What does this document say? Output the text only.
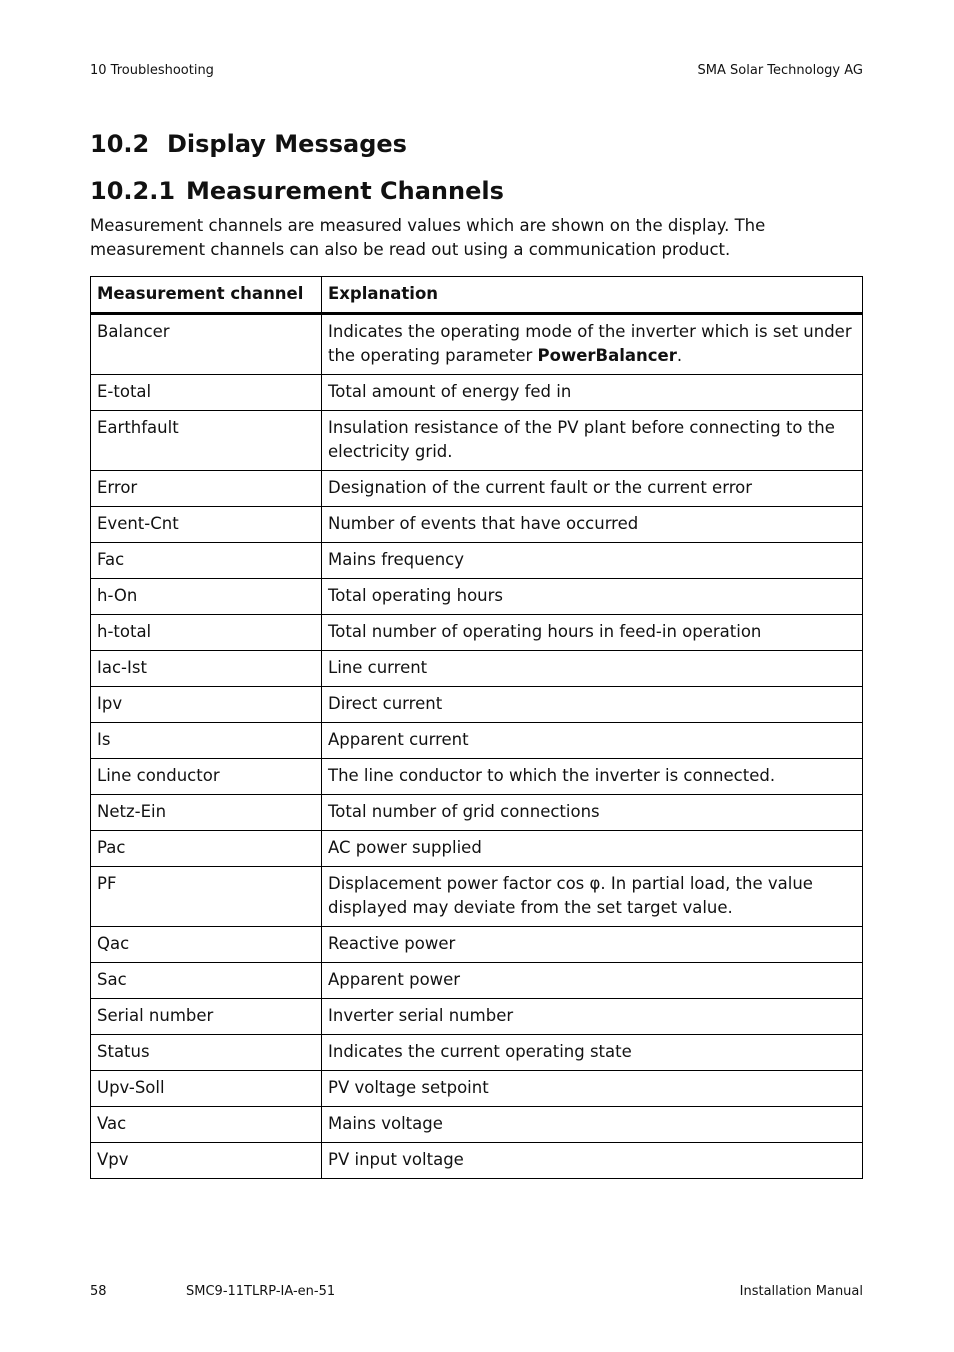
10 Troubleshooting	SMA Solar Technology AG
10.2 Display Messages
10.2.1 Measurement Channels

Measurement channels are measured values which are shown on the display. The measurement channels can also be read out using a communication product.

Measurement channel	Explanation
Balancer	Indicates the operating mode of the inverter which is set under the operating parameter PowerBalancer.
E-total	Total amount of energy fed in
Earthfault	Insulation resistance of the PV plant before connecting to the electricity grid.
Error	Designation of the current fault or the current error
Event-Cnt	Number of events that have occurred
Fac	Mains frequency
h-On	Total operating hours
h-total	Total number of operating hours in feed-in operation
Iac-Ist	Line current
Ipv	Direct current
Is	Apparent current
Line conductor	The line conductor to which the inverter is connected.
Netz-Ein	Total number of grid connections
Pac	AC power supplied
PF	Displacement power factor cos φ. In partial load, the value displayed may deviate from the set target value.
Qac	Reactive power
Sac	Apparent power
Serial number	Inverter serial number
Status	Indicates the current operating state
Upv-Soll	PV voltage setpoint
Vac	Mains voltage
Vpv	PV input voltage
58	SMC9-11TLRP-IA-en-51	Installation Manual
